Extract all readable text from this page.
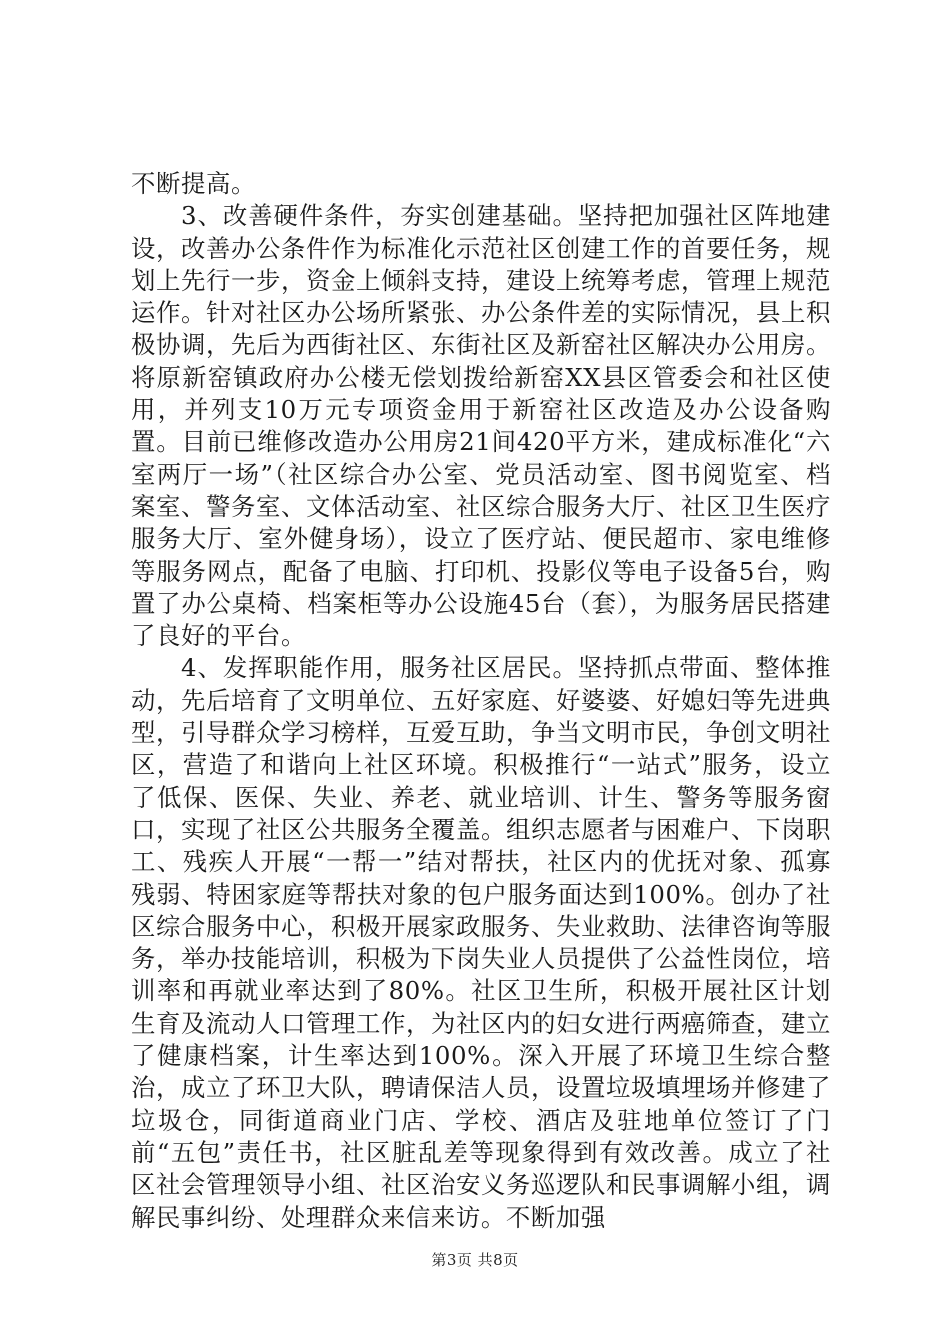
不断提高。

3、改善硬件条件，夯实创建基础。坚持把加强社区阵地建设，改善办公条件作为标准化示范社区创建工作的首要任务，规划上先行一步，资金上倾斜支持，建设上统筹考虑，管理上规范运作。针对社区办公场所紧张、办公条件差的实际情况，县上积极协调，先后为西街社区、东街社区及新窑社区解决办公用房。将原新窑镇政府办公楼无偿划拨给新窑XX县区管委会和社区使用，并列支10万元专项资金用于新窑社区改造及办公设备购置。目前已维修改造办公用房21间420平方米，建成标准化“六室两厅一场”（社区综合办公室、党员活动室、图书阅览室、档案室、警务室、文体活动室、社区综合服务大厅、社区卫生医疗服务大厅、室外健身场），设立了医疗站、便民超市、家电维修等服务网点，配备了电脑、打印机、投影仪等电子设备5台，购置了办公桌椅、档案柜等办公设施45台（套），为服务居民搭建了良好的平台。

4、发挥职能作用，服务社区居民。坚持抓点带面、整体推动，先后培育了文明单位、五好家庭、好婆婆、好媳妇等先进典型，引导群众学习榜样，互爱互助，争当文明市民，争创文明社区，营造了和谐向上社区环境。积极推行“一站式”服务，设立了低保、医保、失业、养老、就业培训、计生、警务等服务窗口，实现了社区公共服务全覆盖。组织志愿者与困难户、下岗职工、残疾人开展“一帮一”结对帮扶，社区内的优抚对象、孤寡残弱、特困家庭等帮扶对象的包户服务面达到100%。创办了社区综合服务中心，积极开展家政服务、失业救助、法律咨询等服务，举办技能培训，积极为下岗失业人员提供了公益性岗位，培训率和再就业率达到了80%。社区卫生所，积极开展社区计划生育及流动人口管理工作，为社区内的妇女进行两癌筛查，建立了健康档案，计生率达到100%。深入开展了环境卫生综合整治，成立了环卫大队，聘请保洁人员，设置垃圾填埋场并修建了垃圾仓，同街道商业门店、学校、酒店及驻地单位签订了门前“五包”责任书，社区脏乱差等现象得到有效改善。成立了社区社会管理领导小组、社区治安义务巡逻队和民事调解小组，调解民事纠纷、处理群众来信来访。不断加强

第3页 共8页
